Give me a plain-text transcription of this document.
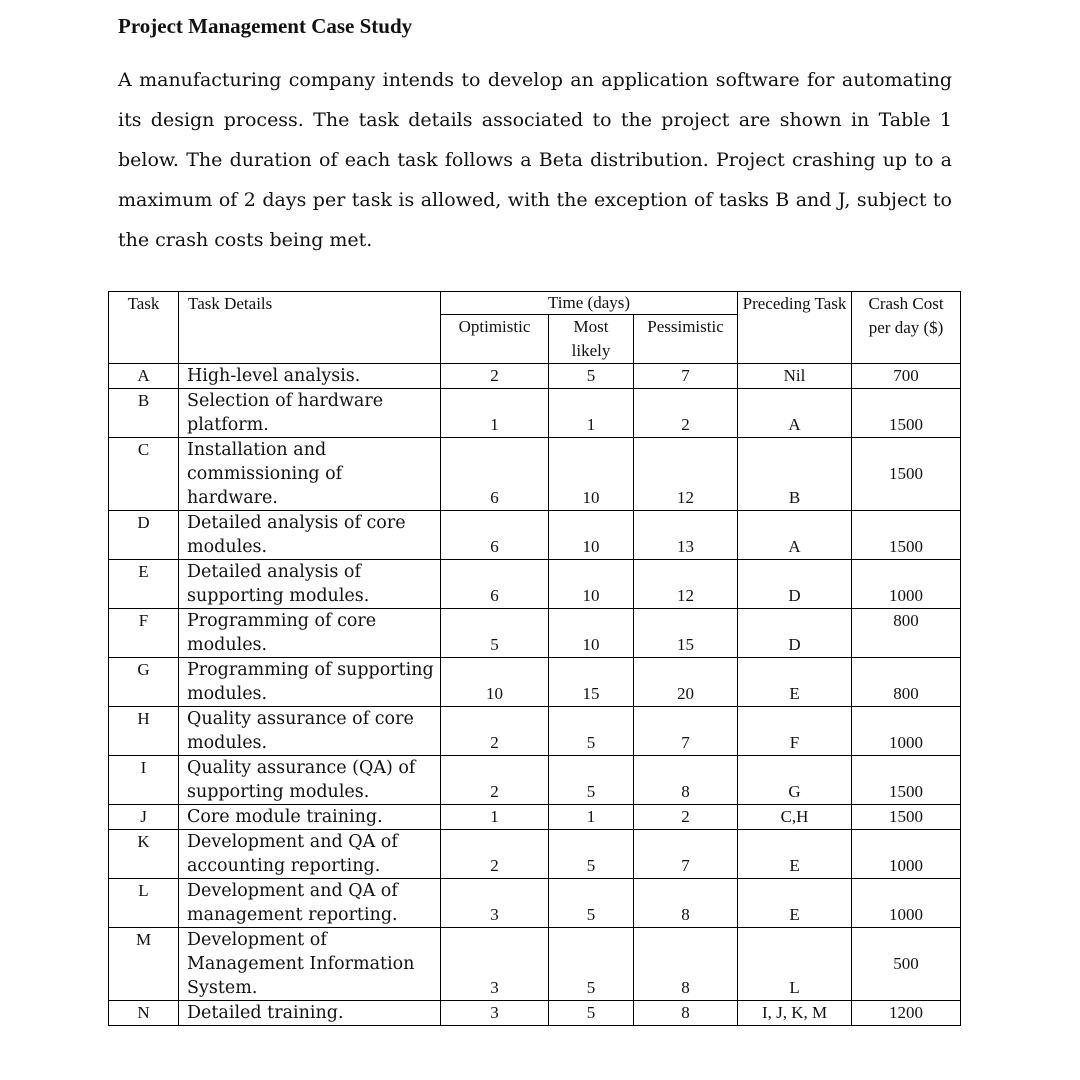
Project Management Case Study

A manufacturing company intends to develop an application software for automating its design process. The task details associated to the project are shown in Table 1 below. The duration of each task follows a Beta distribution. Project crashing up to a maximum of 2 days per task is allowed, with the exception of tasks B and J, subject to the crash costs being met.

Task	Task Details	Time (days)			Preceding Task	Crash Cost per day ($)
		Optimistic	Most likely	Pessimistic		
A	High-level analysis.	2	5	7	Nil	700
B	Selection of hardware platform.	1	1	2	A	1500
C	Installation and commissioning of hardware.	6	10	12	B	1500
D	Detailed analysis of core modules.	6	10	13	A	1500
E	Detailed analysis of supporting modules.	6	10	12	D	1000
F	Programming of core modules.	5	10	15	D	800
G	Programming of supporting modules.	10	15	20	E	800
H	Quality assurance of core modules.	2	5	7	F	1000
I	Quality assurance (QA) of supporting modules.	2	5	8	G	1500
J	Core module training.	1	1	2	C,H	1500
K	Development and QA of accounting reporting.	2	5	7	E	1000
L	Development and QA of management reporting.	3	5	8	E	1000
M	Development of Management Information System.	3	5	8	L	500
N	Detailed training.	3	5	8	I, J, K, M	1200
